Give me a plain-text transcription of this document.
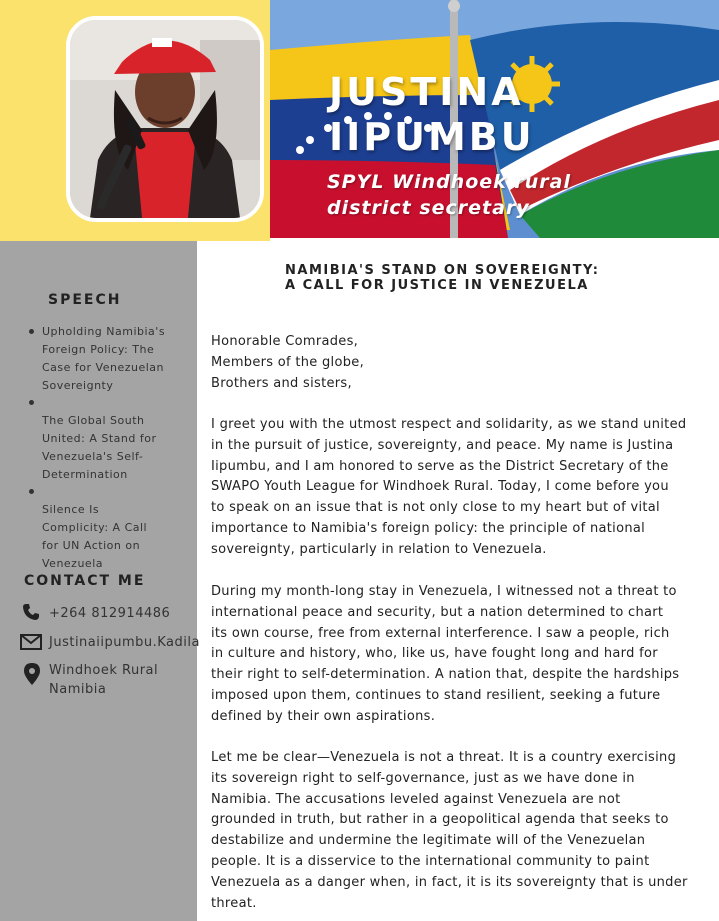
JUSTINA
IIPUMBU
SPYL Windhoek rural
district secretary
SPEECH
Upholding Namibia's
Foreign Policy: The
Case for Venezuelan
Sovereignty
The Global South
United: A Stand for
Venezuela's Self-
Determination
Silence Is
Complicity: A Call
for UN Action on
Venezuela
CONTACT ME
+264 812914486
Justinaiipumbu.Kadila
Windhoek Rural
Namibia
NAMIBIA'S STAND ON SOVEREIGNTY:
A CALL FOR JUSTICE IN VENEZUELA
Honorable Comrades,
Members of the globe,
Brothers and sisters,
I greet you with the utmost respect and solidarity, as we stand united
in the pursuit of justice, sovereignty, and peace. My name is Justina
Iipumbu, and I am honored to serve as the District Secretary of the
SWAPO Youth League for Windhoek Rural. Today, I come before you
to speak on an issue that is not only close to my heart but of vital
importance to Namibia's foreign policy: the principle of national
sovereignty, particularly in relation to Venezuela.
During my month-long stay in Venezuela, I witnessed not a threat to
international peace and security, but a nation determined to chart
its own course, free from external interference. I saw a people, rich
in culture and history, who, like us, have fought long and hard for
their right to self-determination. A nation that, despite the hardships
imposed upon them, continues to stand resilient, seeking a future
defined by their own aspirations.
Let me be clear—Venezuela is not a threat. It is a country exercising
its sovereign right to self-governance, just as we have done in
Namibia. The accusations leveled against Venezuela are not
grounded in truth, but rather in a geopolitical agenda that seeks to
destabilize and undermine the legitimate will of the Venezuelan
people. It is a disservice to the international community to paint
Venezuela as a danger when, in fact, it is its sovereignty that is under
threat.
